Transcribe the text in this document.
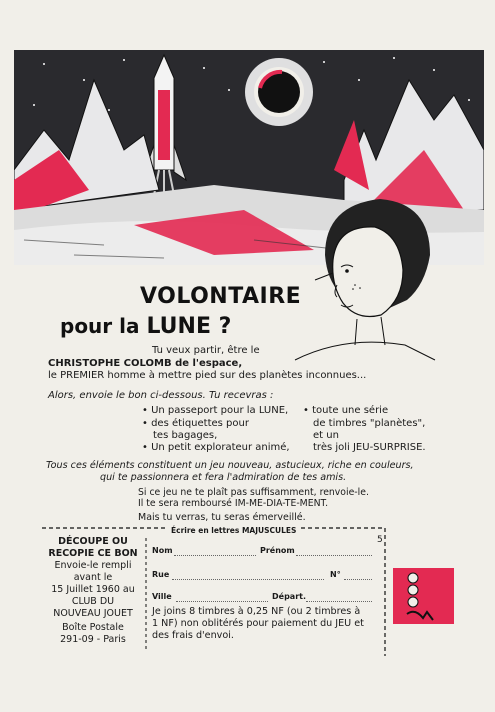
VOLONTAIRE
pour la LUNE ?
Tu veux partir, être le
CHRISTOPHE COLOMB de l'espace,
le PREMIER homme à mettre pied sur des planètes inconnues...
Alors, envoie le bon ci-dessous. Tu recevras :
• Un passeport pour la LUNE,
• des étiquettes pour
tes bagages,
• Un petit explorateur animé,
• toute une série
de timbres "planètes",
et un
très joli JEU-SURPRISE.
Tous ces éléments constituent un jeu nouveau, astucieux, riche en couleurs,
qui te passionnera et fera l'admiration de tes amis.
Si ce jeu ne te plaît pas suffisamment, renvoie-le.
Il te sera remboursé IM-ME-DIA-TE-MENT.
Mais tu verras, tu seras émerveillé.
Écrire en lettres MAJUSCULES
5
DÉCOUPE OU
RECOPIE CE BON
Envoie-le rempli
avant le
15 Juillet 1960 au
CLUB DU
NOUVEAU JOUET
Boîte Postale
291-09 - Paris
Nom	Prénom
Rue	N°
Ville	Départ.
Je joins 8 timbres à 0,25 NF (ou 2 timbres à
1 NF) non oblitérés pour paiement du JEU et
des frais d'envoi.
